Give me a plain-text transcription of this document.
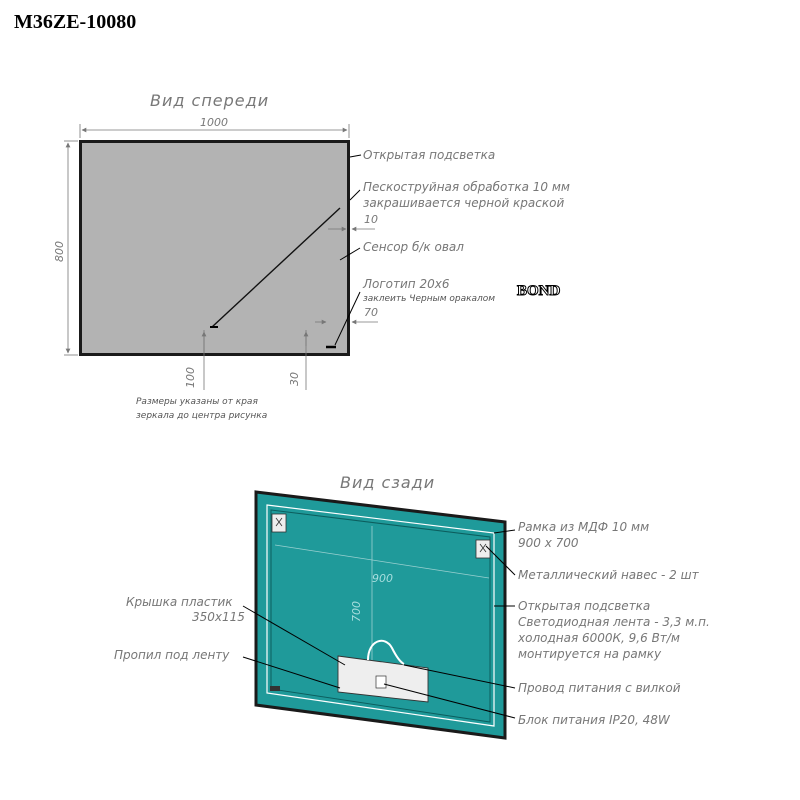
M36ZE-10080
Вид спереди
1000
800
Открытая подсветка
Пескоструйная обработка 10 мм
закрашивается черной краской
10
Сенсор б/к овал
Логотип 20х6
заклеить Черным оракалом BOND
70
100	30
Размеры указаны от края
зеркала до центра рисунка
Вид сзади
900
700
Рамка из МДФ 10 мм
900 х 700
Металлический навес - 2 шт
Открытая подсветка
Светодиодная лента - 3,3 м.п.
холодная 6000К, 9,6 Вт/м
монтируется на рамку
Провод питания с вилкой
Блок питания IP20, 48W
Крышка пластик
350х115
Пропил под ленту
